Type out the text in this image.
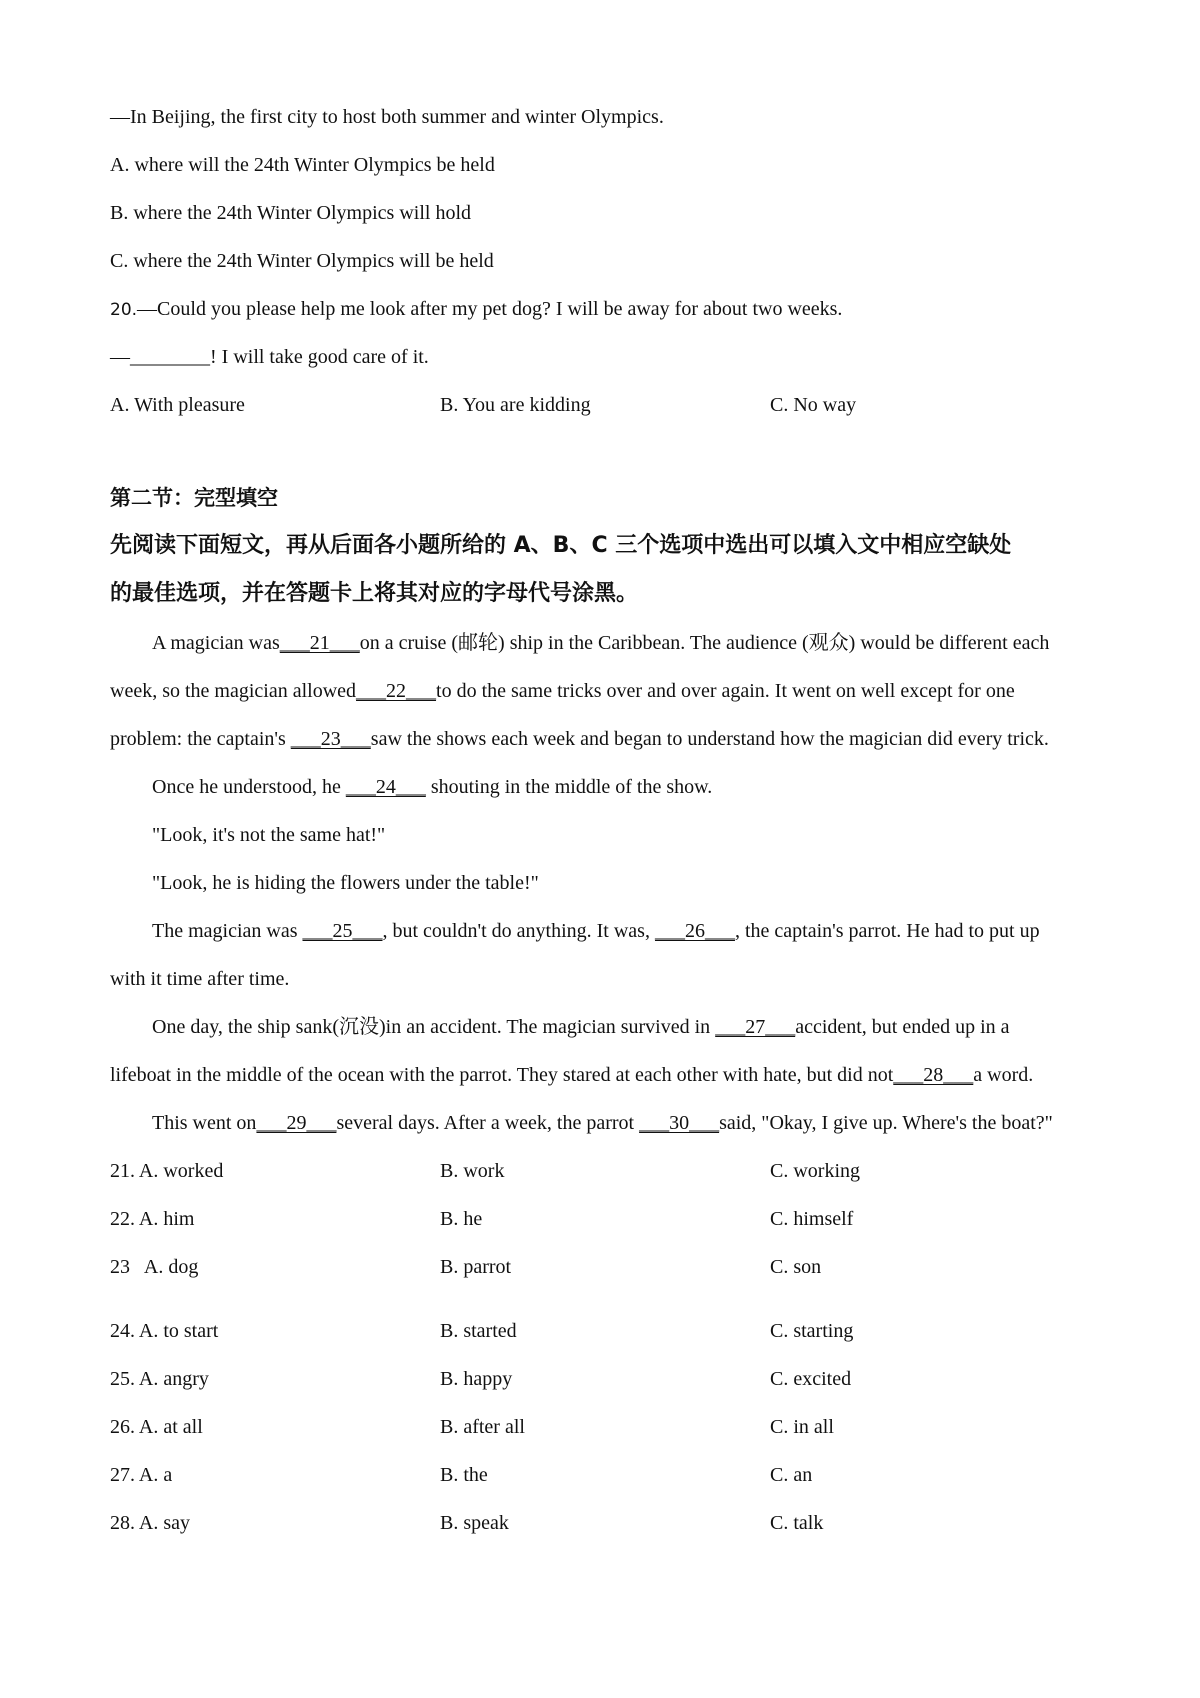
—In Beijing, the first city to host both summer and winter Olympics.
A. where will the 24th Winter Olympics be held
B. where the 24th Winter Olympics will hold
C. where the 24th Winter Olympics will be held
20.—Could you please help me look after my pet dog? I will be away for about two weeks.
—________! I will take good care of it.
A. With pleasure	B. You are kidding	C. No way
第二节：完型填空
先阅读下面短文，再从后面各小题所给的 A、B、C 三个选项中选出可以填入文中相应空缺处
的最佳选项，并在答题卡上将其对应的字母代号涂黑。
A magician was___21___on a cruise (邮轮) ship in the Caribbean. The audience (观众) would be different each
week, so the magician allowed___22___to do the same tricks over and over again. It went on well except for one
problem: the captain's ___23___saw the shows each week and began to understand how the magician did every trick.
Once he understood, he ___24___ shouting in the middle of the show.
"Look, it's not the same hat!"
"Look, he is hiding the flowers under the table!"
The magician was ___25___, but couldn't do anything. It was, ___26___, the captain's parrot. He had to put up
with it time after time.
One day, the ship sank(沉没)in an accident. The magician survived in ___27___accident, but ended up in a
lifeboat in the middle of the ocean with the parrot. They stared at each other with hate, but did not___28___a word.
This went on___29___several days. After a week, the parrot ___30___said, "Okay, I give up. Where's the boat?"
21. A. worked	B. work	C. working
22. A. him	B. he	C. himself
23   A. dog	B. parrot	C. son
24. A. to start	B. started	C. starting
25. A. angry	B. happy	C. excited
26. A. at all	B. after all	C. in all
27. A. a	B. the	C. an
28. A. say	B. speak	C. talk
